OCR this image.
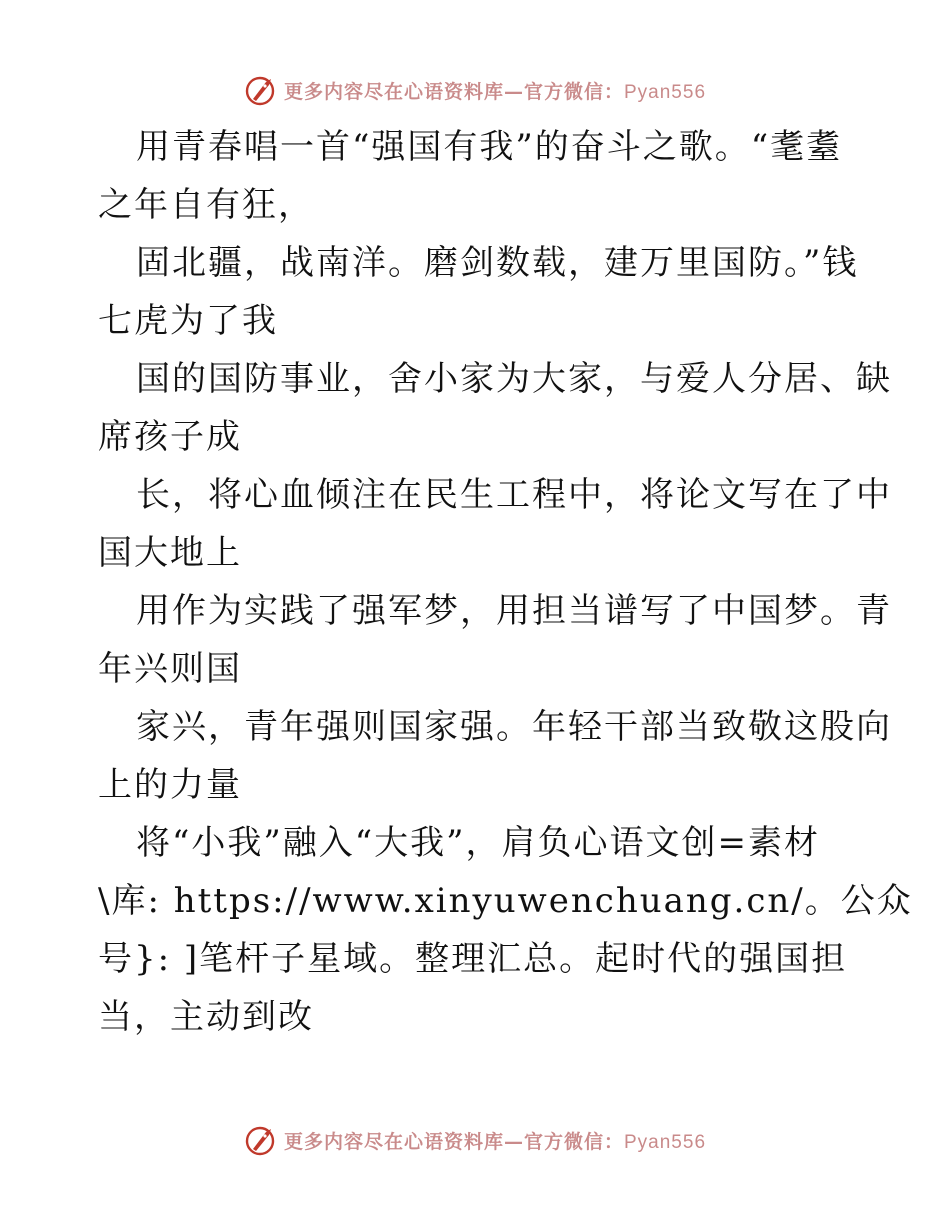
更多内容尽在心语资料库—官方微信：Pyan556
用青春唱一首“强国有我”的奋斗之歌。“耄耋
之年自有狂，
固北疆，战南洋。磨剑数载，建万里国防。”钱
七虎为了我
国的国防事业，舍小家为大家，与爱人分居、缺
席孩子成
长，将心血倾注在民生工程中，将论文写在了中
国大地上
用作为实践了强军梦，用担当谱写了中国梦。青
年兴则国
家兴，青年强则国家强。年轻干部当致敬这股向
上的力量
将“小我”融入“大我”，肩负心语文创=素材
\库: https://www.xinyuwenchuang.cn/。公众
号}: ]笔杆子星域。整理汇总。起时代的强国担
当，主动到改
更多内容尽在心语资料库—官方微信：Pyan556
